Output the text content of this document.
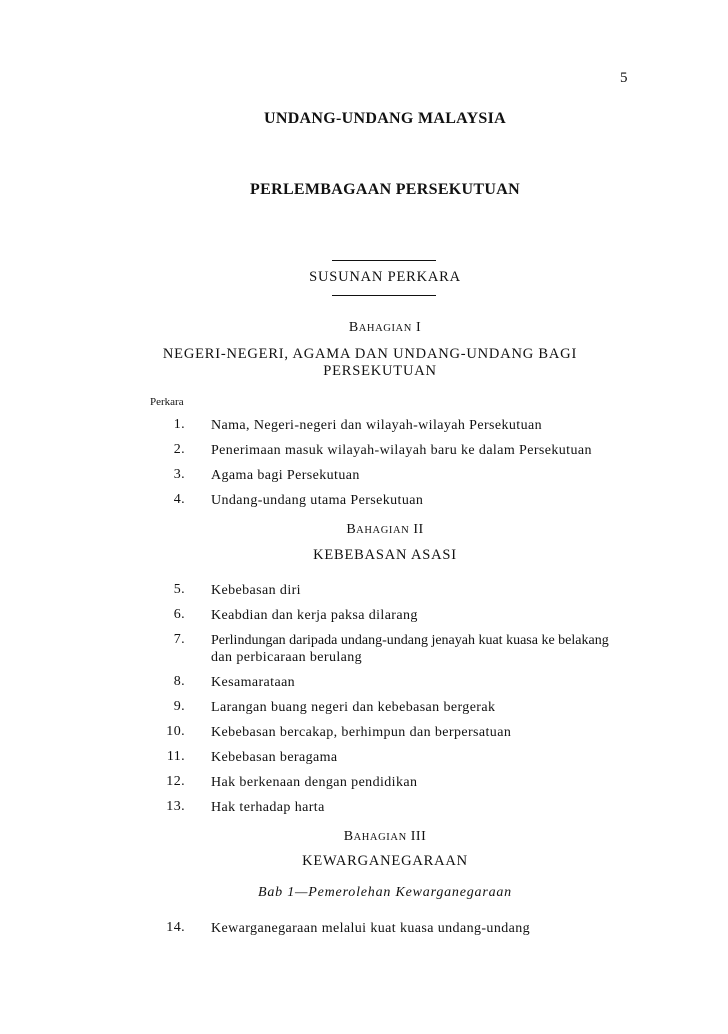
5
UNDANG-UNDANG MALAYSIA
PERLEMBAGAAN PERSEKUTUAN
SUSUNAN PERKARA
BAHAGIAN I
NEGERI-NEGERI, AGAMA DAN UNDANG-UNDANG BAGI
PERSEKUTUAN
Perkara
1. Nama, Negeri-negeri dan wilayah-wilayah Persekutuan
2. Penerimaan masuk wilayah-wilayah baru ke dalam Persekutuan
3. Agama bagi Persekutuan
4. Undang-undang utama Persekutuan
BAHAGIAN II
KEBEBASAN ASASI
5. Kebebasan diri
6. Keabdian dan kerja paksa dilarang
7. Perlindungan daripada undang-undang jenayah kuat kuasa ke belakang
dan perbicaraan berulang
8. Kesamarataan
9. Larangan buang negeri dan kebebasan bergerak
10. Kebebasan bercakap, berhimpun dan berpersatuan
11. Kebebasan beragama
12. Hak berkenaan dengan pendidikan
13. Hak terhadap harta
BAHAGIAN III
KEWARGANEGARAAN
Bab 1—Pemerolehan Kewarganegaraan
14. Kewarganegaraan melalui kuat kuasa undang-undang
